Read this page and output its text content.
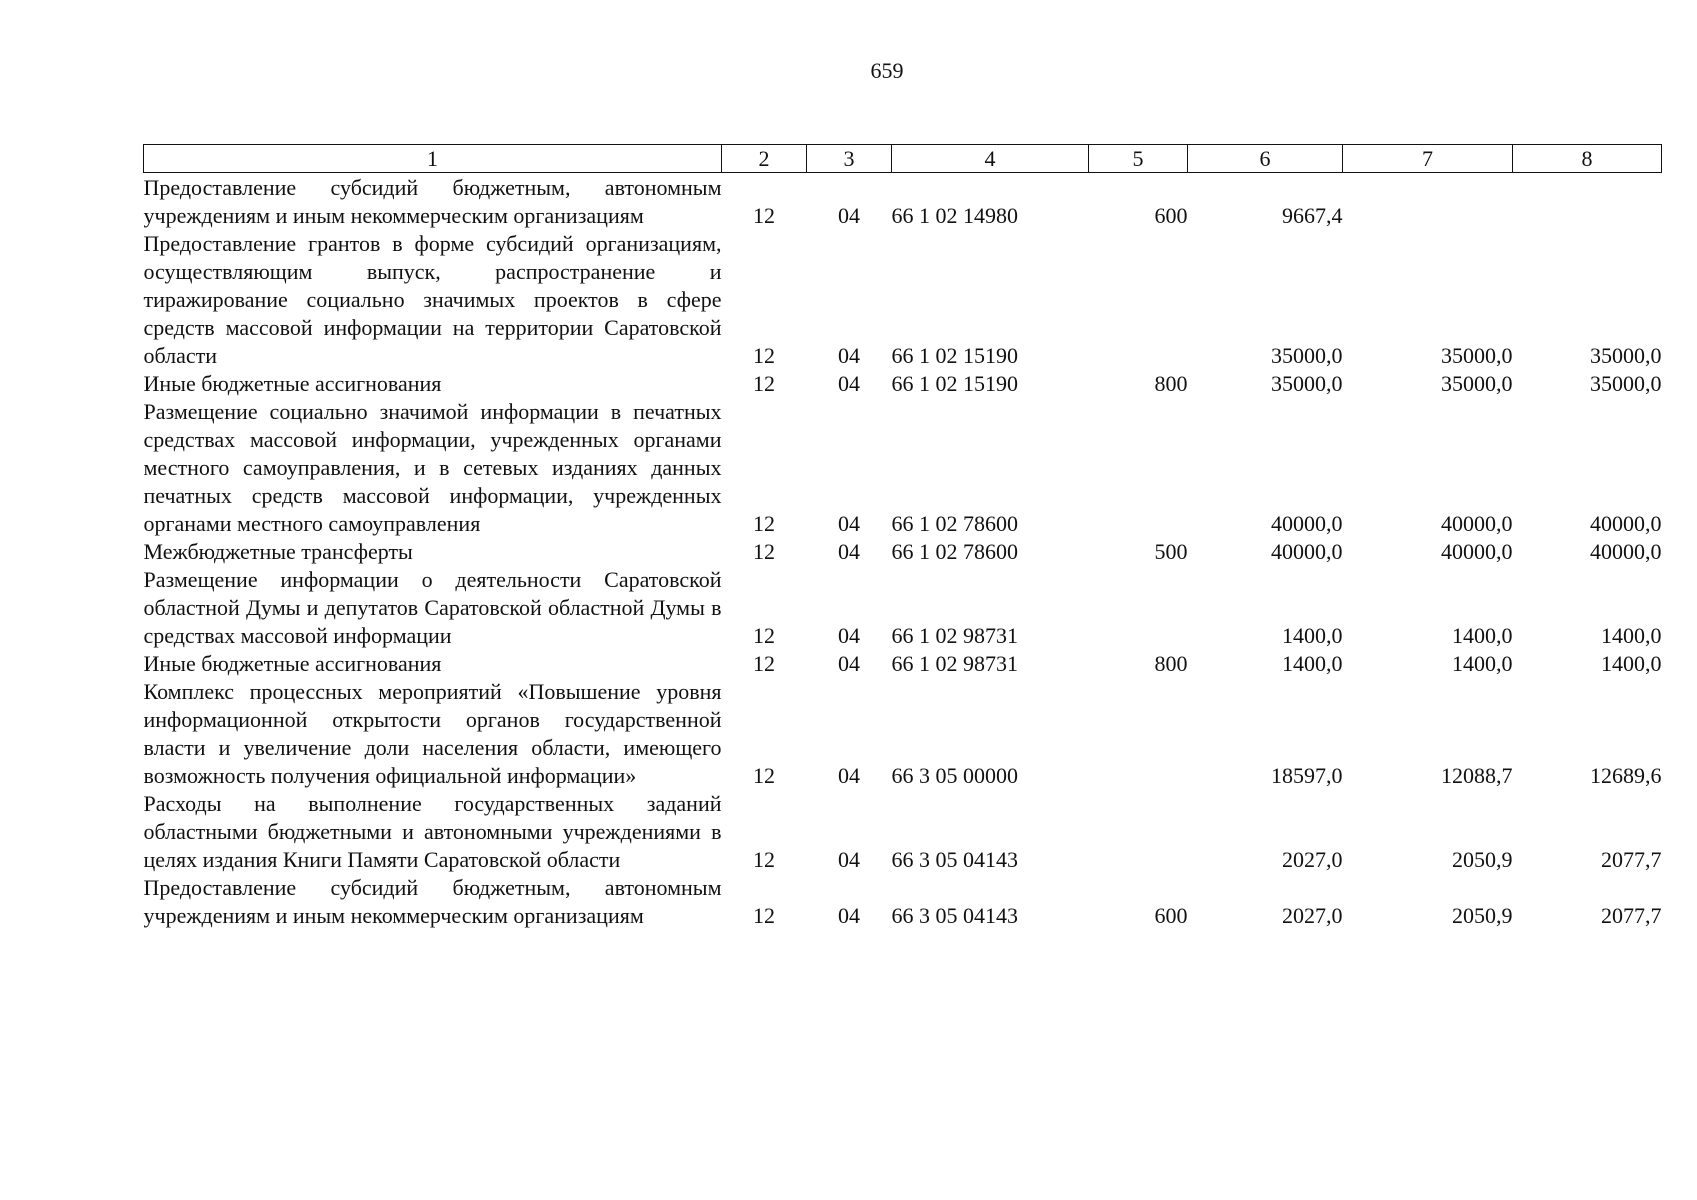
659
1	2	3	4	5	6	7	8
Предоставление субсидий бюджетным, автономным учреждениям и иным некоммерческим организациям	12	04	66 1 02 14980	600	9667,4		
Предоставление грантов в форме субсидий организациям, осуществляющим выпуск, распространение и тиражирование социально значимых проектов в сфере средств массовой информации на территории Саратовской области	12	04	66 1 02 15190		35000,0	35000,0	35000,0
Иные бюджетные ассигнования	12	04	66 1 02 15190	800	35000,0	35000,0	35000,0
Размещение социально значимой информации в печатных средствах массовой информации, учрежденных органами местного самоуправления, и в сетевых изданиях данных печатных средств массовой информации, учрежденных органами местного самоуправления	12	04	66 1 02 78600		40000,0	40000,0	40000,0
Межбюджетные трансферты	12	04	66 1 02 78600	500	40000,0	40000,0	40000,0
Размещение информации о деятельности Саратовской областной Думы и депутатов Саратовской областной Думы в средствах массовой информации	12	04	66 1 02 98731		1400,0	1400,0	1400,0
Иные бюджетные ассигнования	12	04	66 1 02 98731	800	1400,0	1400,0	1400,0
Комплекс процессных мероприятий «Повышение уровня информационной открытости органов государственной власти и увеличение доли населения области, имеющего возможность получения официальной информации»	12	04	66 3 05 00000		18597,0	12088,7	12689,6
Расходы на выполнение государственных заданий областными бюджетными и автономными учреждениями в целях издания Книги Памяти Саратовской области	12	04	66 3 05 04143		2027,0	2050,9	2077,7
Предоставление субсидий бюджетным, автономным учреждениям и иным некоммерческим организациям	12	04	66 3 05 04143	600	2027,0	2050,9	2077,7
